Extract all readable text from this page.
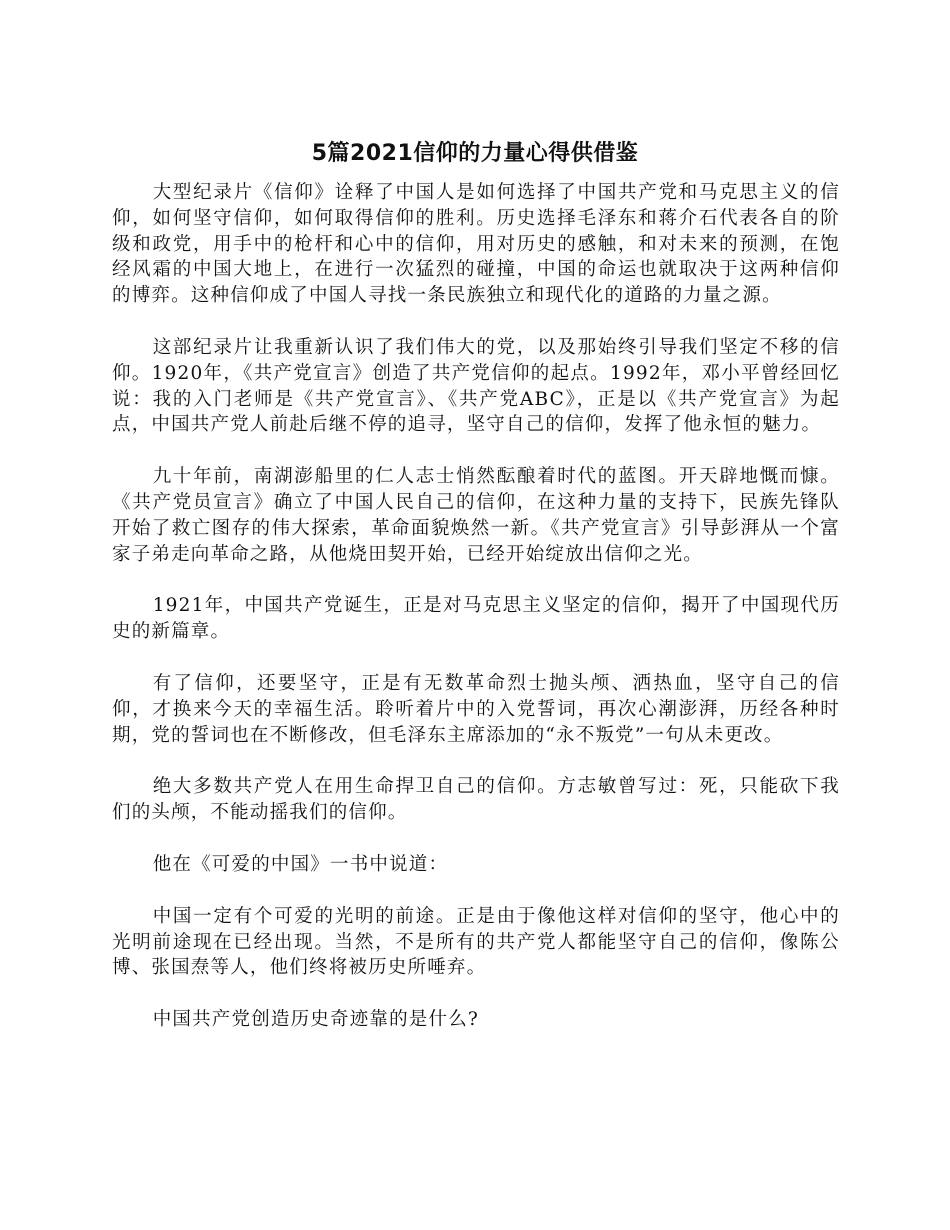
5篇2021信仰的力量心得供借鉴

大型纪录片《信仰》诠释了中国人是如何选择了中国共产党和马克思主义的信仰，如何坚守信仰，如何取得信仰的胜利。历史选择毛泽东和蒋介石代表各自的阶级和政党，用手中的枪杆和心中的信仰，用对历史的感触，和对未来的预测，在饱经风霜的中国大地上，在进行一次猛烈的碰撞，中国的命运也就取决于这两种信仰的博弈。这种信仰成了中国人寻找一条民族独立和现代化的道路的力量之源。

这部纪录片让我重新认识了我们伟大的党，以及那始终引导我们坚定不移的信仰。1920年，《共产党宣言》创造了共产党信仰的起点。1992年，邓小平曾经回忆说：我的入门老师是《共产党宣言》、《共产党ABC》，正是以《共产党宣言》为起点，中国共产党人前赴后继不停的追寻，坚守自己的信仰，发挥了他永恒的魅力。

九十年前，南湖澎船里的仁人志士悄然酝酿着时代的蓝图。开天辟地慨而慷。《共产党员宣言》确立了中国人民自己的信仰，在这种力量的支持下，民族先锋队开始了救亡图存的伟大探索，革命面貌焕然一新。《共产党宣言》引导彭湃从一个富家子弟走向革命之路，从他烧田契开始，已经开始绽放出信仰之光。

1921年，中国共产党诞生，正是对马克思主义坚定的信仰，揭开了中国现代历史的新篇章。

有了信仰，还要坚守，正是有无数革命烈士抛头颅、洒热血，坚守自己的信仰，才换来今天的幸福生活。聆听着片中的入党誓词，再次心潮澎湃，历经各种时期，党的誓词也在不断修改，但毛泽东主席添加的“永不叛党”一句从未更改。

绝大多数共产党人在用生命捍卫自己的信仰。方志敏曾写过：死，只能砍下我们的头颅，不能动摇我们的信仰。

他在《可爱的中国》一书中说道：

中国一定有个可爱的光明的前途。正是由于像他这样对信仰的坚守，他心中的光明前途现在已经出现。当然，不是所有的共产党人都能坚守自己的信仰，像陈公博、张国焘等人，他们终将被历史所唾弃。

中国共产党创造历史奇迹靠的是什么?
